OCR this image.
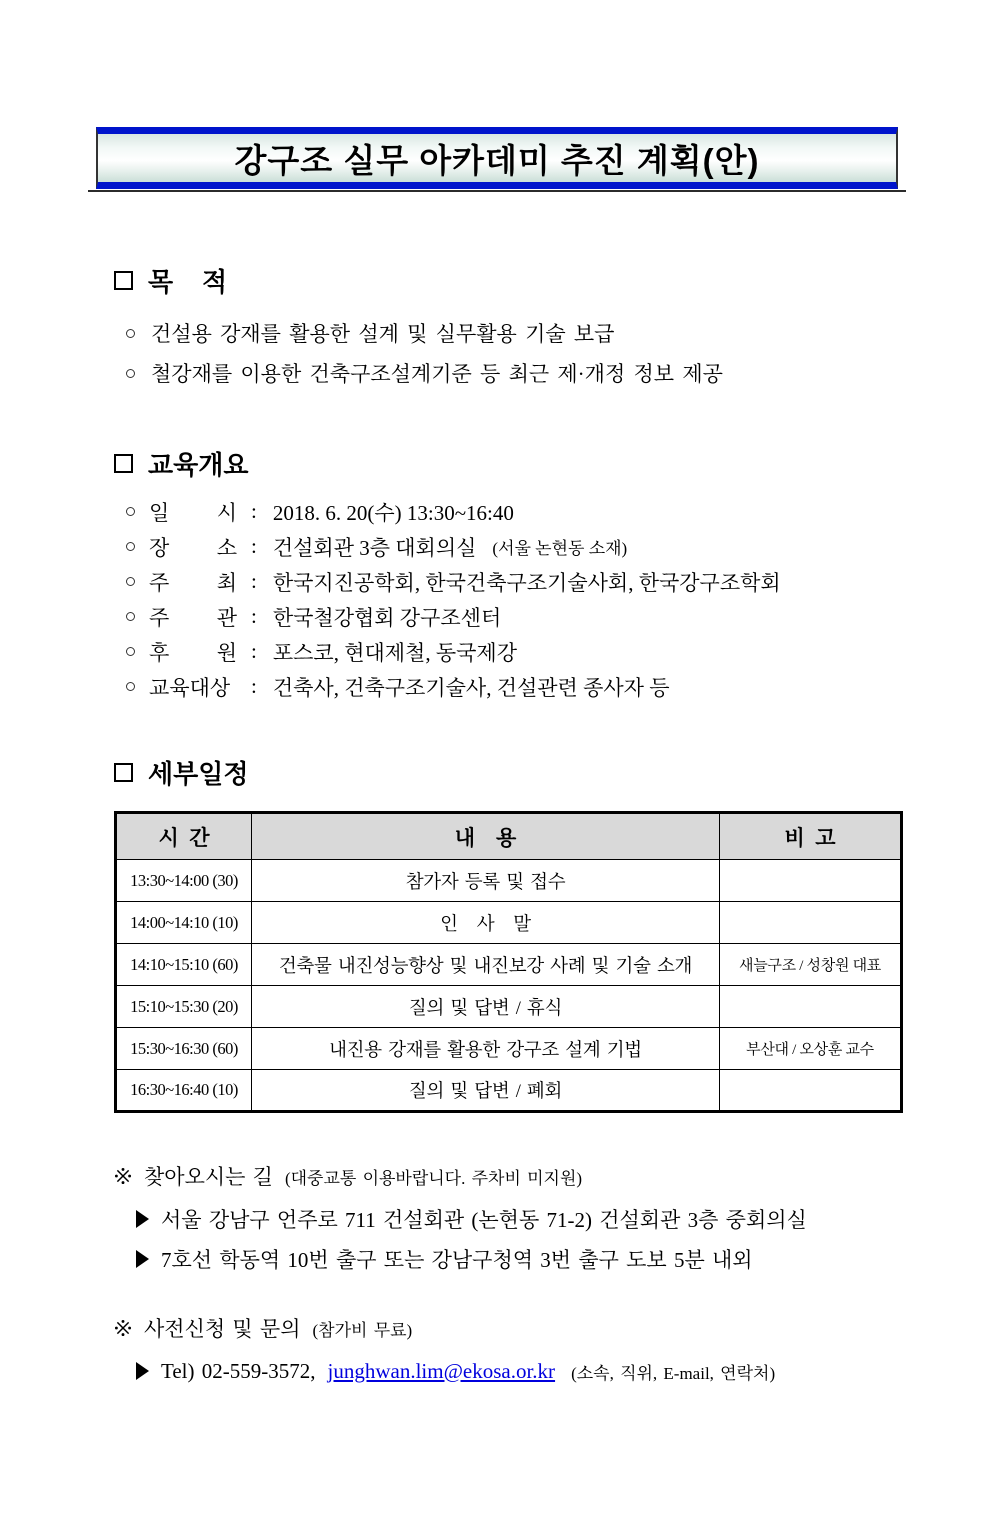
강구조 실무 아카데미 추진 계획(안)
목    적
건설용 강재를 활용한 설계 및 실무활용 기술 보급
철강재를 이용한 건축구조설계기준 등 최근 제·개정 정보 제공
교육개요
일 시 : 2018. 6. 20(수) 13:30~16:40
장 소 : 건설회관 3층 대회의실 (서울 논현동 소재)
주 최 : 한국지진공학회, 한국건축구조기술사회, 한국강구조학회
주 관 : 한국철강협회 강구조센터
후 원 : 포스코, 현대제철, 동국제강
교육대상 : 건축사, 건축구조기술사, 건설관련 종사자 등
세부일정
시  간	내    용	비  고
13:30~14:00 (30)	참가자 등록 및 접수	
14:00~14:10 (10)	인   사   말	
14:10~15:10 (60)	건축물 내진성능향상 및 내진보강 사례 및 기술 소개	새늘구조 / 성창원 대표
15:10~15:30 (20)	질의 및 답변 / 휴식	
15:30~16:30 (60)	내진용 강재를 활용한 강구조 설계 기법	부산대 / 오상훈 교수
16:30~16:40 (10)	질의 및 답변 / 폐회	
찾아오시는 길 (대중교통 이용바랍니다. 주차비 미지원)
서울 강남구 언주로 711 건설회관 (논현동 71-2) 건설회관 3층 중회의실
7호선 학동역 10번 출구 또는 강남구청역 3번 출구 도보 5분 내외
사전신청 및 문의 (참가비 무료)
Tel) 02-559-3572, junghwan.lim@ekosa.or.kr (소속, 직위, E-mail, 연락처)
